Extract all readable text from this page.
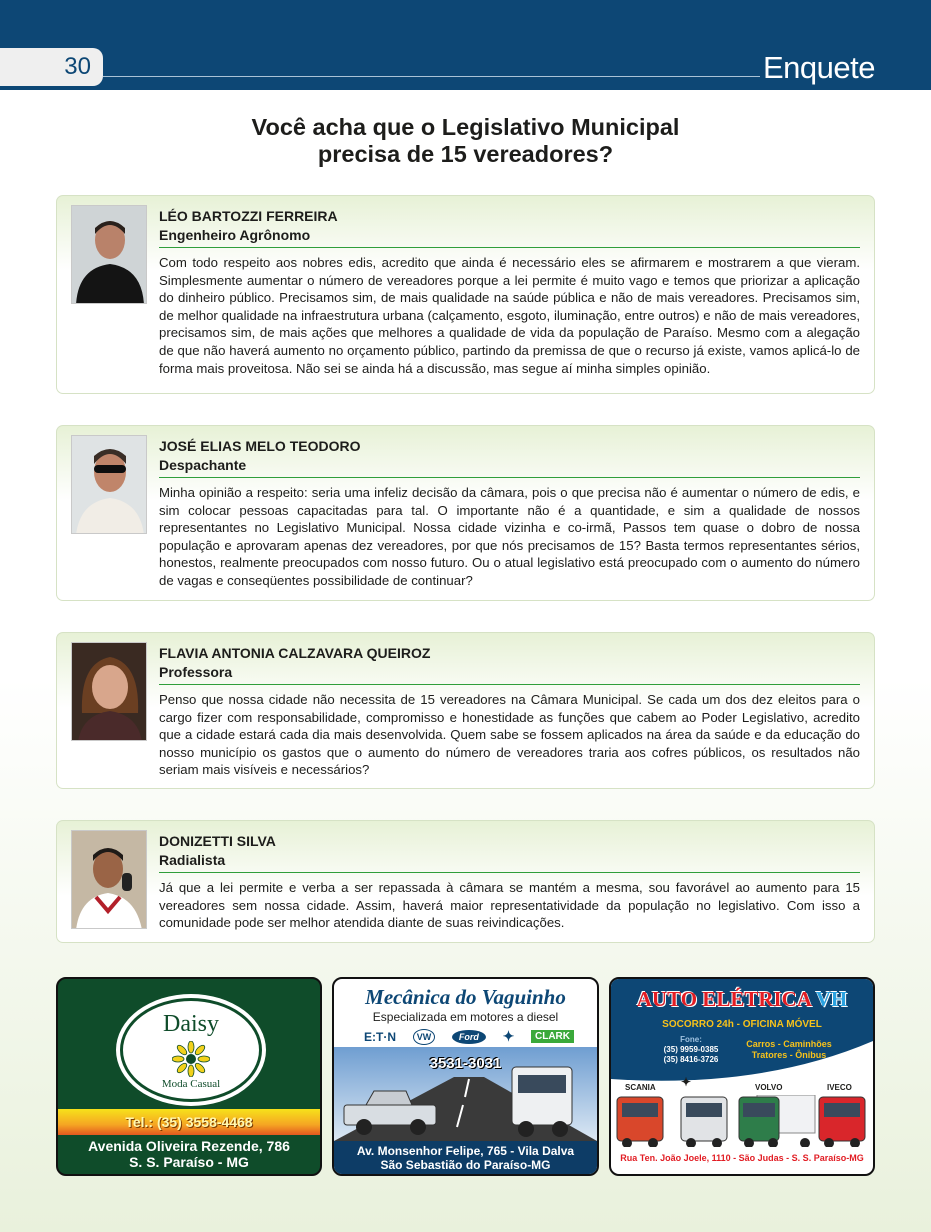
30	Enquete
Você acha que o Legislativo Municipal
precisa de 15 vereadores?
LÉO BARTOZZI FERREIRA
Engenheiro Agrônomo
Com todo respeito aos nobres edis, acredito que ainda é necessário eles se afirmarem e mostrarem a que vieram. Simplesmente aumentar o número de vereadores porque a lei permite é muito vago e temos que priorizar a aplicação do dinheiro público. Precisamos sim, de mais qualidade na saúde pública e não de mais vereadores. Precisamos sim, de melhor qualidade na infraestrutura urbana (calçamento, esgoto, iluminação, entre outros) e não de mais vereadores, precisamos sim, de mais ações que melhores a qualidade de vida da população de Paraíso. Mesmo com a alegação de que não haverá aumento no orçamento público, partindo da premissa de que o recurso já existe, vamos aplicá-lo de forma mais proveitosa. Não sei se ainda há a discussão, mas segue aí minha simples opinião.
JOSÉ ELIAS MELO TEODORO
Despachante
Minha opinião a respeito: seria uma infeliz decisão da câmara, pois o que precisa não é aumentar o número de edis, e sim colocar pessoas capacitadas para tal. O importante não é a quantidade, e sim a qualidade de nossos representantes no Legislativo Municipal. Nossa cidade vizinha e co-irmã, Passos tem quase o dobro de nossa população e aprovaram apenas dez vereadores, por que nós precisamos de 15? Basta termos representantes sérios, honestos, realmente preocupados com nosso futuro. Ou o atual legislativo está preocupado com o aumento do número de vagas e conseqüentes possibilidade de continuar?
FLAVIA ANTONIA CALZAVARA QUEIROZ
Professora
Penso que nossa cidade não necessita de 15 vereadores na Câmara Municipal. Se cada um dos dez eleitos para o cargo fizer com responsabilidade, compromisso e honestidade as funções que cabem ao Poder Legislativo, acredito que a cidade estará cada dia mais desenvolvida. Quem sabe se fossem aplicados na área da saúde e da educação do nosso município os gastos que o aumento do número de vereadores traria aos cofres públicos, os resultados não seriam mais visíveis e necessários?
DONIZETTI SILVA
Radialista
Já que a lei permite e verba a ser repassada à câmara se mantém a mesma, sou favorável ao aumento para 15 vereadores sem nossa cidade. Assim, haverá maior representatividade da população no legislativo. Com isso a comunidade pode ser melhor atendida diante de suas reivindicações.
Daisy
Moda Casual
Tel.: (35) 3558-4468
Avenida Oliveira Rezende, 786
S. S. Paraíso - MG
Mecânica do Vaguinho
Especializada em motores a diesel
E:T·N	VW	Ford	✦	CLARK
3531-3031
Av. Monsenhor Felipe, 765 - Vila Dalva
São Sebastião do Paraíso-MG
AUTO ELÉTRICA VH
SOCORRO 24h - OFICINA MÓVEL
Fone:
(35) 9959-0385
(35) 8416-3726
Carros - Caminhões
Tratores - Ônibus
SCANIA ✦	VOLVO	IVECO
Rua Ten. João Joele, 1110 - São Judas - S. S. Paraíso-MG
